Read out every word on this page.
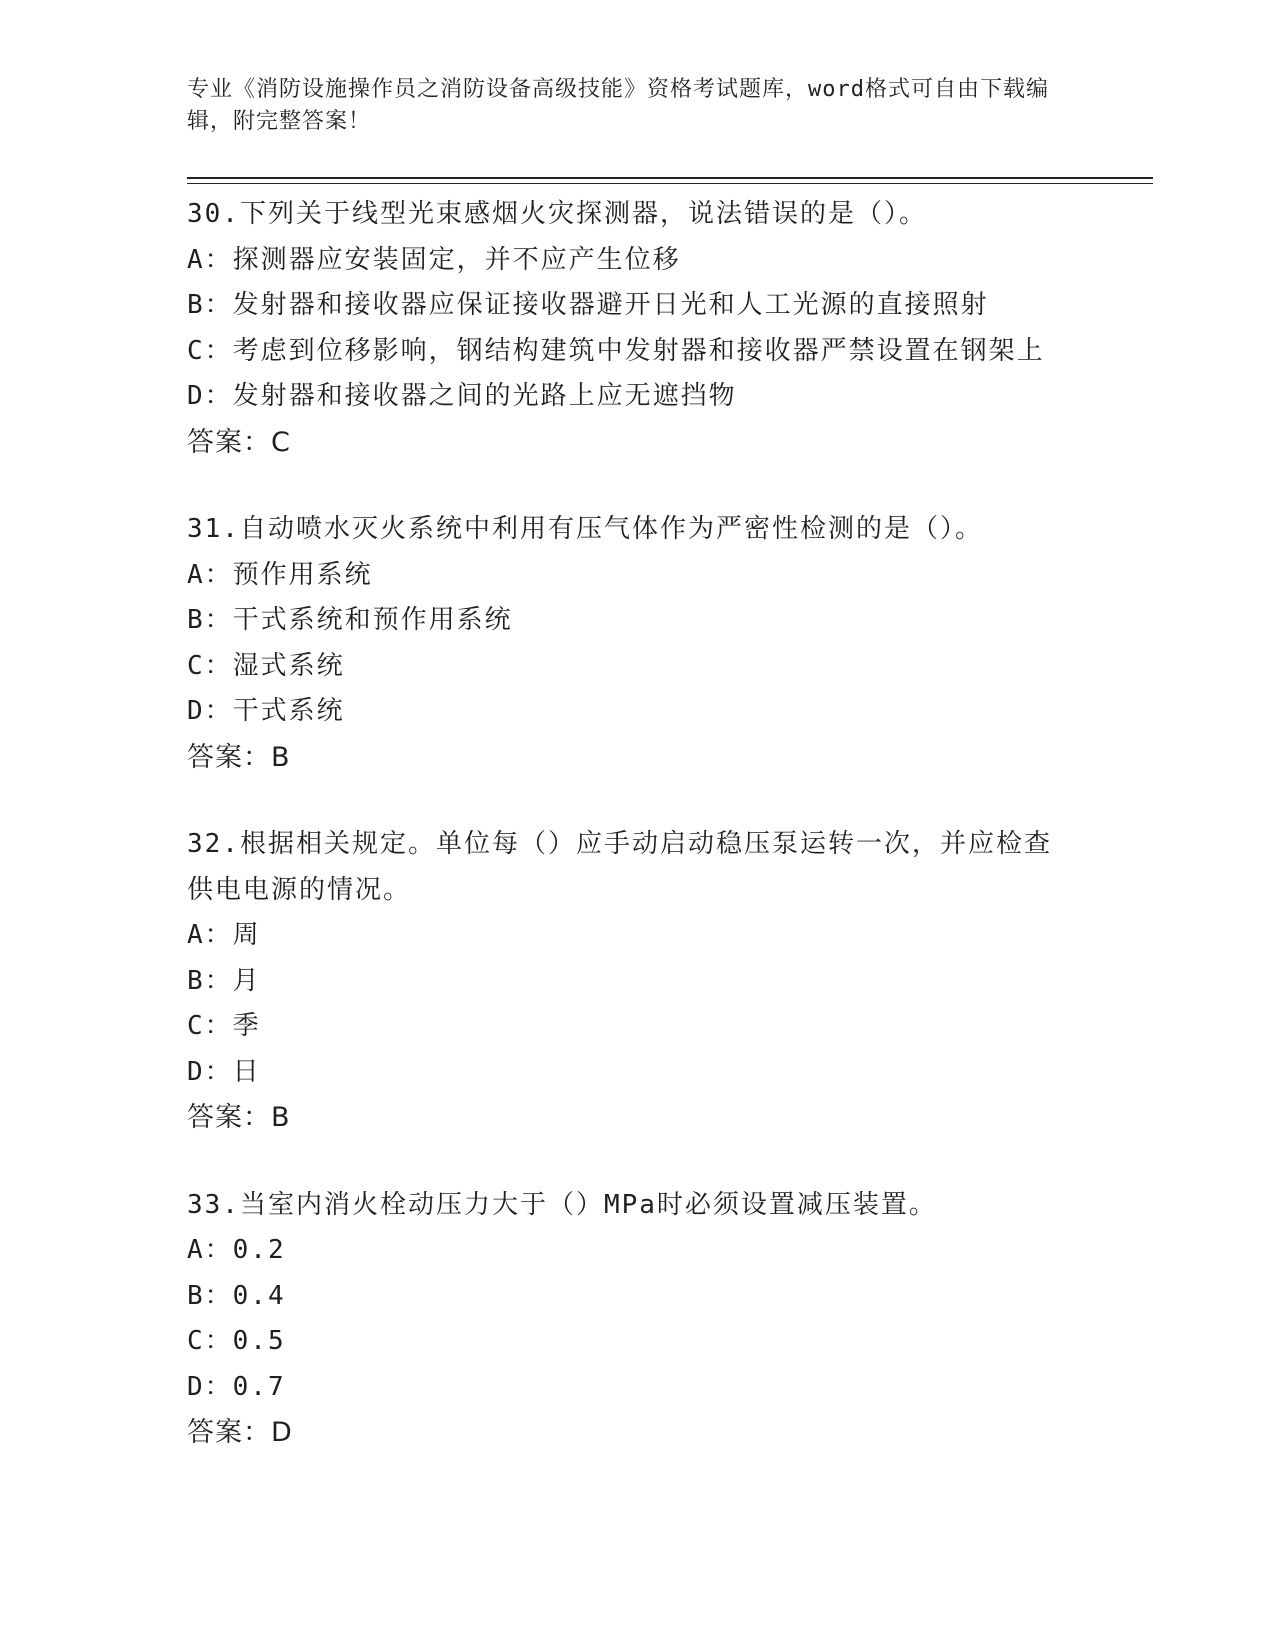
专业《消防设施操作员之消防设备高级技能》资格考试题库，word格式可自由下载编辑，附完整答案！
30.下列关于线型光束感烟火灾探测器，说法错误的是（）。
A：探测器应安装固定，并不应产生位移
B：发射器和接收器应保证接收器避开日光和人工光源的直接照射
C：考虑到位移影响，钢结构建筑中发射器和接收器严禁设置在钢架上
D：发射器和接收器之间的光路上应无遮挡物
答案：C
31.自动喷水灭火系统中利用有压气体作为严密性检测的是（）。
A：预作用系统
B：干式系统和预作用系统
C：湿式系统
D：干式系统
答案：B
32.根据相关规定。单位每（）应手动启动稳压泵运转一次，并应检查供电电源的情况。
A：周
B：月
C：季
D：日
答案：B
33.当室内消火栓动压力大于（）MPa时必须设置减压装置。
A：0.2
B：0.4
C：0.5
D：0.7
答案：D
